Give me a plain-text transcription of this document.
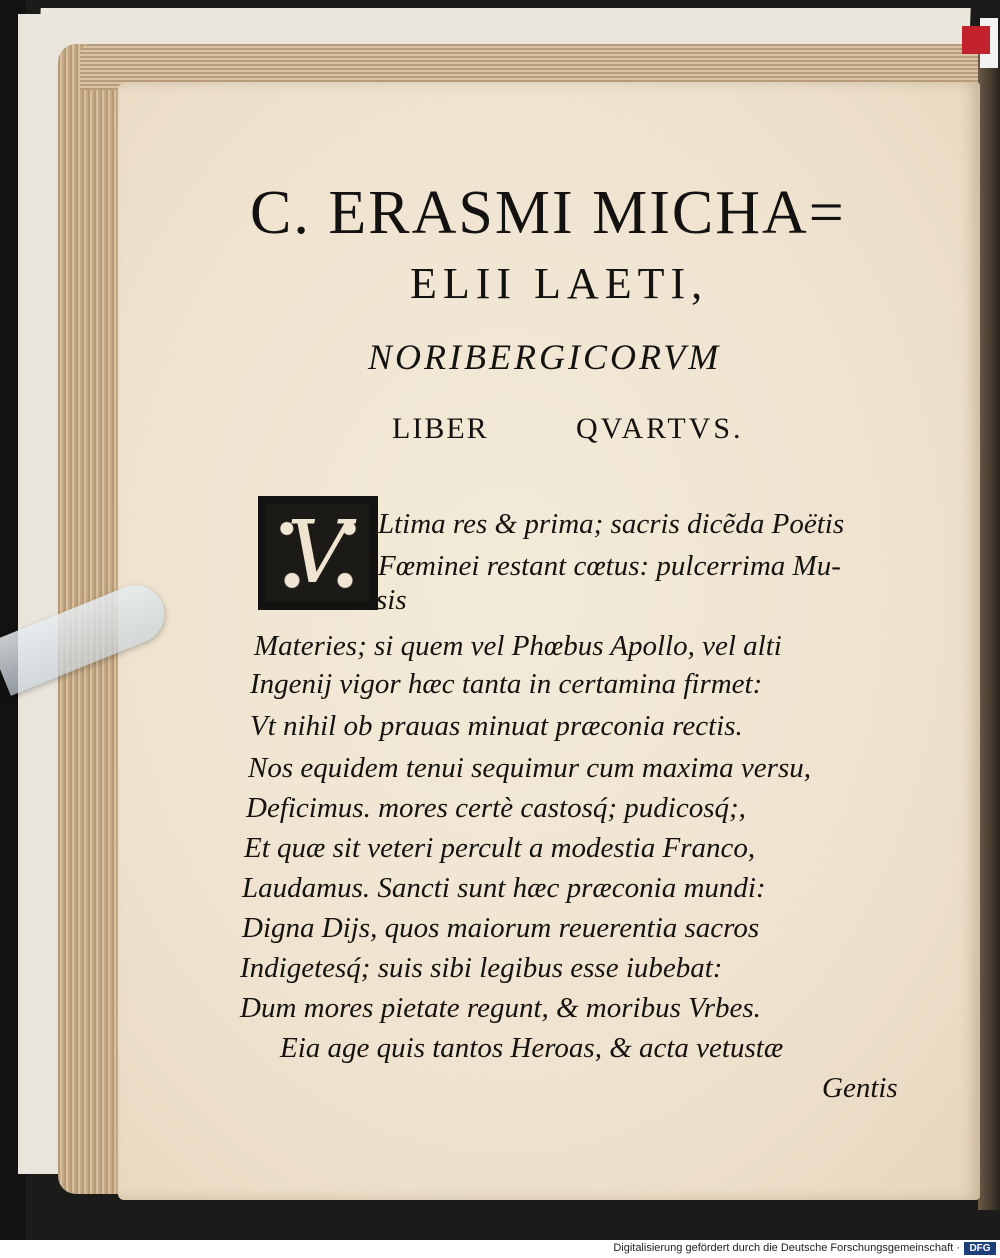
C. ERASMI MICHA=
ELII LAETI,
NORIBERGICORVM
LIBER	QVARTVS.
V Ltima res & prima; sacris dicẽda Poëtis
Fœminei restant cœtus: pulcerrima Mu-
sis
Materies; si quem vel Phœbus Apollo, vel alti
Ingenij vigor hæc tanta in certamina firmet:
Vt nihil ob prauas minuat præconia rectis.
Nos equidem tenui sequimur cum maxima versu,
Deficimus. mores certè castosq́; pudicosq́;,
Et quæ sit veteri percult a modestia Franco,
Laudamus. Sancti sunt hæc præconia mundi:
Digna Dijs, quos maiorum reuerentia sacros
Indigetesq́; suis sibi legibus esse iubebat:
Dum mores pietate regunt, & moribus Vrbes.
Eia age quis tantos Heroas, & acta vetustæ
Gentis
Digitalisierung gefördert durch die Deutsche Forschungsgemeinschaft · DFG
